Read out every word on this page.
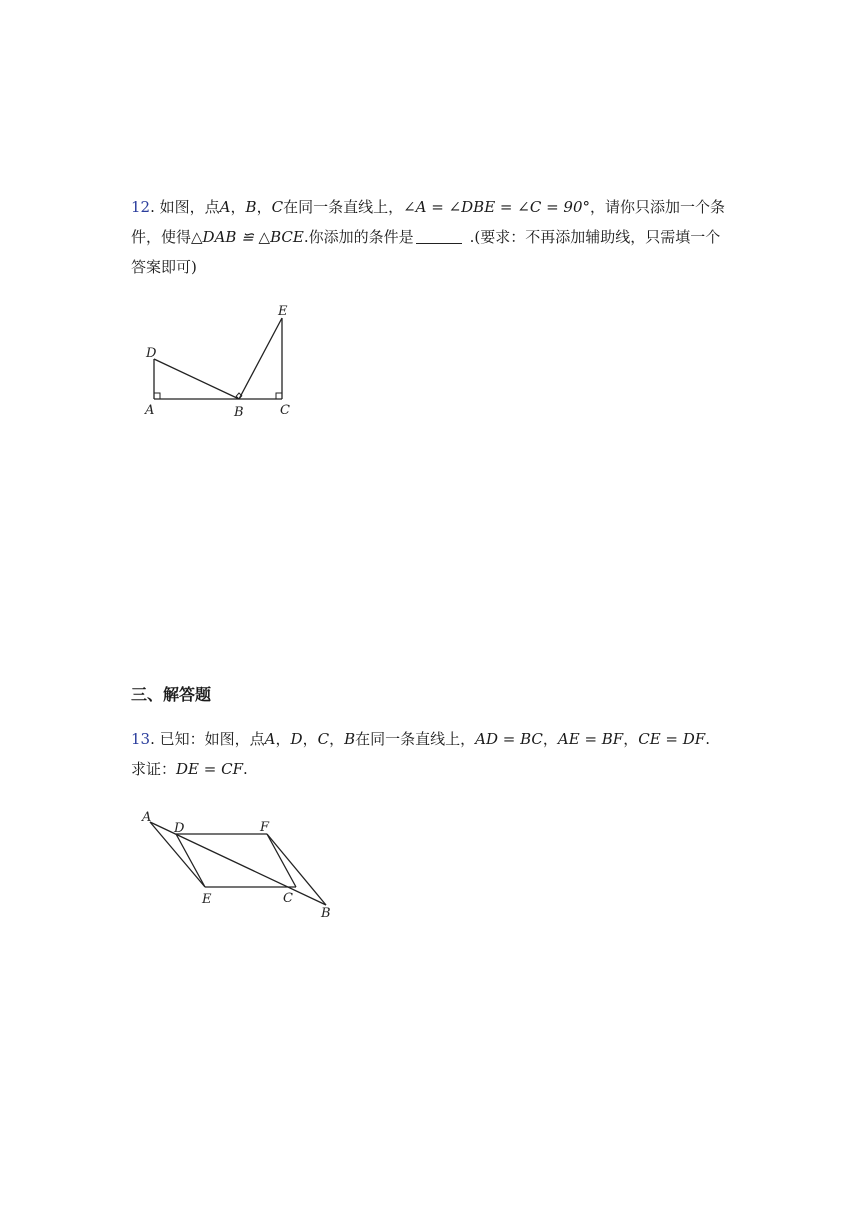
12. 如图，点A，B，C在同一条直线上，∠A = ∠DBE = ∠C = 90°，请你只添加一个条件，使得△DAB ≌ △BCE.你添加的条件是	.(要求：不再添加辅助线，只需填一个答案即可)
D
E
A	B	C
三、解答题
13. 已知：如图，点A，D，C，B在同一条直线上，AD = BC，AE = BF，CE = DF.
求证：DE = CF.
A
D	F
E	C
B
